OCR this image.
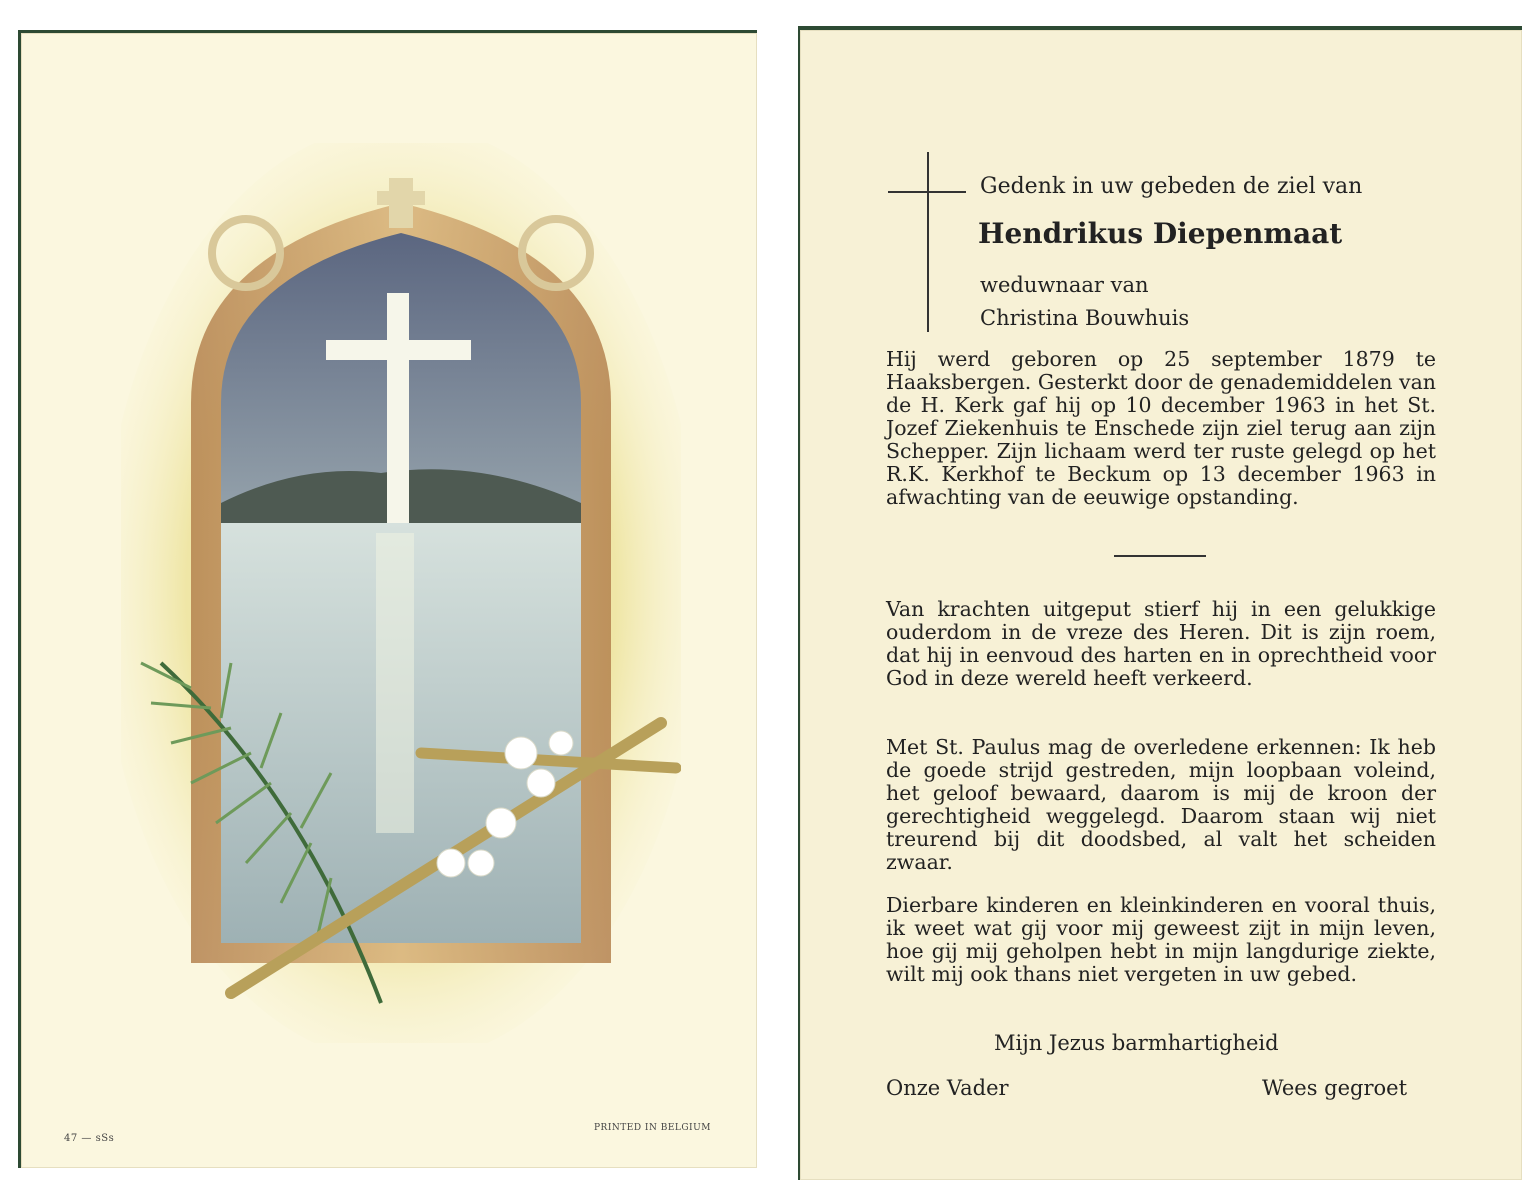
47 — sSs
PRINTED IN BELGIUM
Gedenk in uw gebeden de ziel van
Hendrikus Diepenmaat
weduwnaar van
Christina Bouwhuis
Hij werd geboren op 25 september 1879 te Haaksbergen. Gesterkt door de genademiddelen van de H. Kerk gaf hij op 10 december 1963 in het St. Jozef Ziekenhuis te Enschede zijn ziel terug aan zijn Schepper. Zijn lichaam werd ter ruste gelegd op het R.K. Kerkhof te Beckum op 13 december 1963 in afwachting van de eeuwige opstanding.
Van krachten uitgeput stierf hij in een gelukkige ouderdom in de vreze des Heren. Dit is zijn roem, dat hij in eenvoud des harten en in oprechtheid voor God in deze wereld heeft verkeerd.
Met St. Paulus mag de overledene erkennen: Ik heb de goede strijd gestreden, mijn loopbaan voleind, het geloof bewaard, daarom is mij de kroon der gerechtigheid weggelegd. Daarom staan wij niet treurend bij dit doodsbed, al valt het scheiden zwaar.
Dierbare kinderen en kleinkinderen en vooral thuis, ik weet wat gij voor mij geweest zijt in mijn leven, hoe gij mij geholpen hebt in mijn langdurige ziekte, wilt mij ook thans niet vergeten in uw gebed.
Mijn Jezus barmhartigheid
Onze Vader	Wees gegroet
